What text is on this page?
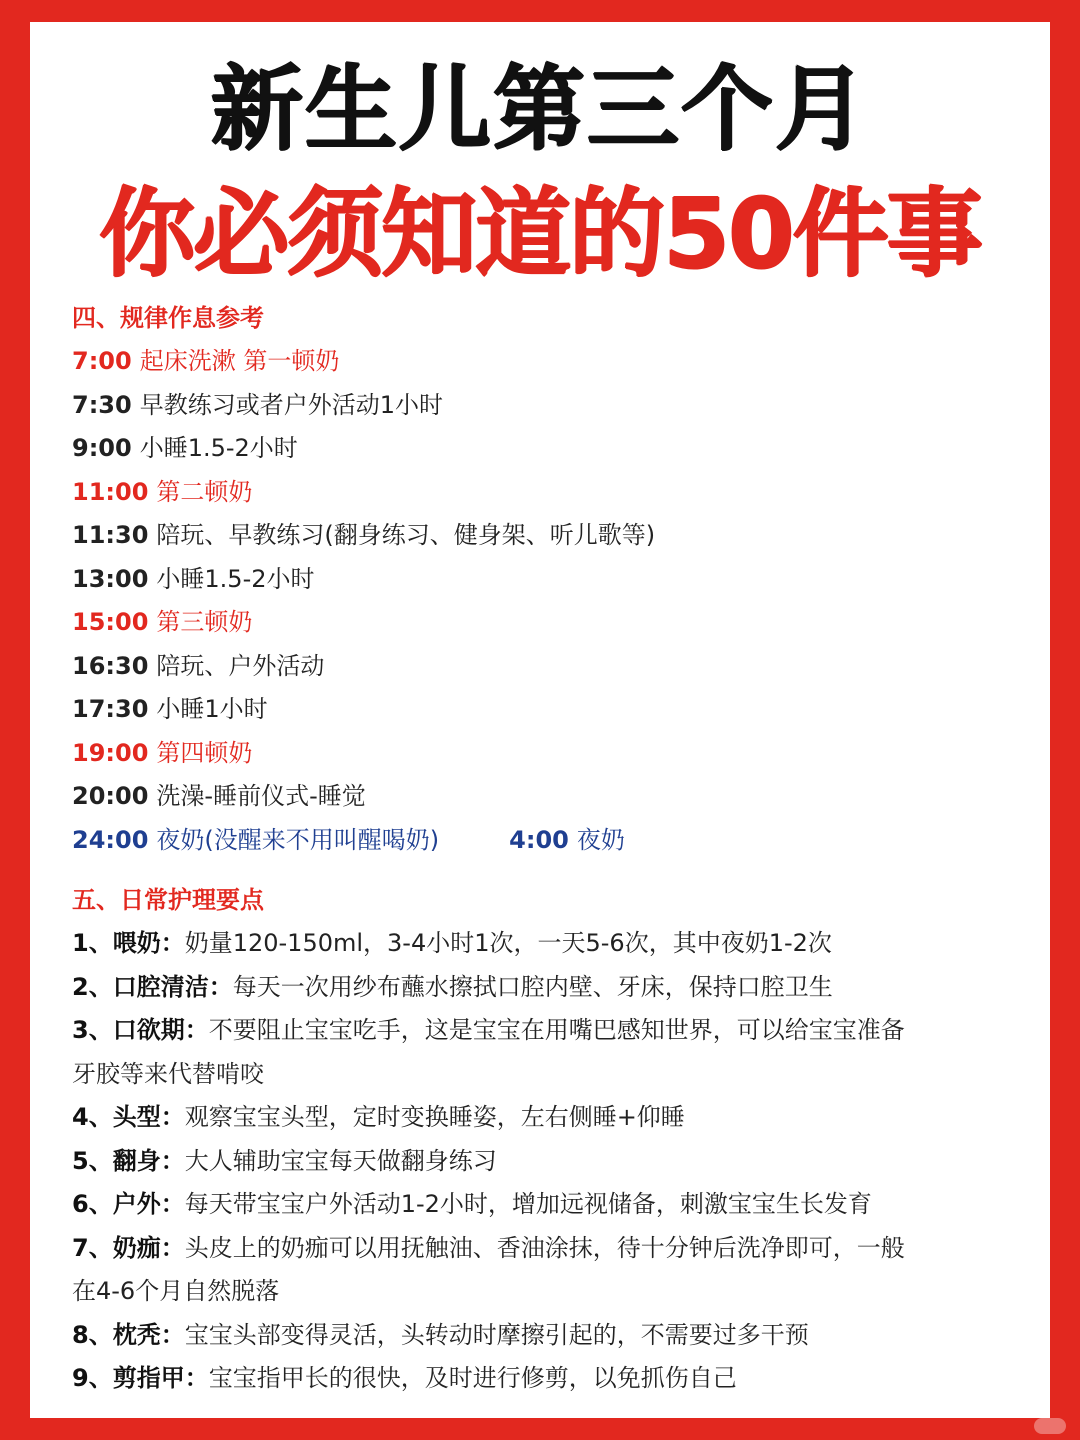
新生儿第三个月
你必须知道的50件事
四、规律作息参考
7:00 起床洗漱 第一顿奶
7:30 早教练习或者户外活动1小时
9:00 小睡1.5-2小时
11:00 第二顿奶
11:30 陪玩、早教练习(翻身练习、健身架、听儿歌等)
13:00 小睡1.5-2小时
15:00 第三顿奶
16:30 陪玩、户外活动
17:30 小睡1小时
19:00 第四顿奶
20:00 洗澡-睡前仪式-睡觉
24:00 夜奶(没醒来不用叫醒喝奶)	4:00 夜奶
五、日常护理要点
1、喂奶：奶量120-150ml，3-4小时1次，一天5-6次，其中夜奶1-2次
2、口腔清洁：每天一次用纱布蘸水擦拭口腔内壁、牙床，保持口腔卫生
3、口欲期：不要阻止宝宝吃手，这是宝宝在用嘴巴感知世界，可以给宝宝准备
牙胶等来代替啃咬
4、头型：观察宝宝头型，定时变换睡姿，左右侧睡+仰睡
5、翻身：大人辅助宝宝每天做翻身练习
6、户外：每天带宝宝户外活动1-2小时，增加远视储备，刺激宝宝生长发育
7、奶痂：头皮上的奶痂可以用抚触油、香油涂抹，待十分钟后洗净即可，一般
在4-6个月自然脱落
8、枕秃：宝宝头部变得灵活，头转动时摩擦引起的，不需要过多干预
9、剪指甲：宝宝指甲长的很快，及时进行修剪，以免抓伤自己
